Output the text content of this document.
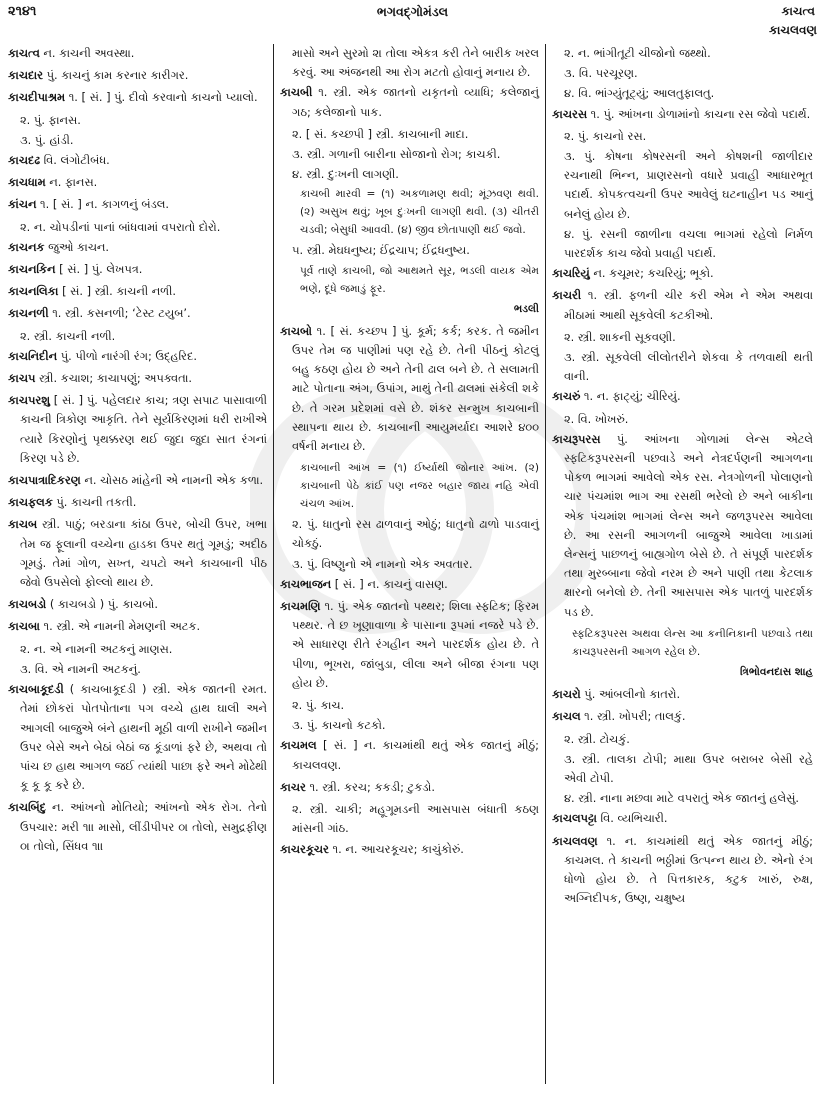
૨૧૪૧	ભગવદ્ગોમંડલ	કાચત્વ
કાચલવણ
કાચત્વ ન. કાચની અવસ્થા.
કાચદાર પું. કાચનું કામ કરનાર કારીગર.
કાચદીપાશ્રમ ૧. [ સં. ] પું. દીવો કરવાનો કાચનો પ્યાલો.
૨. પું. ફાનસ.
૩. પું. હાંડી.
કાચદઢ વિ. લંગોટીબંધ.
કાચધામ ન. ફાનસ.
કાંચન ૧. [ સં. ] ન. કાગળનું બંડલ.
૨. ન. ચોપડીનાં પાનાં બાંધવામાં વપરાતો દોરો.
કાચનક જુઓ કાચન.
કાચનકિન [ સં. ] પું. લેખપત્ર.
કાચનલિકા [ સં. ] સ્ત્રી. કાચની નળી.
કાચનળી ૧. સ્ત્રી. કસનળી; ‘ટેસ્ટ ટયુબ’.
૨. સ્ત્રી. કાચની નળી.
કાચનિદીન પું. પીળો નારંગી રંગ; ઉદ્હરિદ.
કાચપ સ્ત્રી. કચાશ; કાચાપણું; અપક્વતા.
કાચપરશુ [ સં. ] પું. પહેલદાર કાચ; ત્રણ સપાટ પાસાવાળી કાચની ત્રિકોણ આકૃતિ. તેને સૂર્યકિરણમાં ધરી રાખીએ ત્યારે કિરણોનું પૃથક્કરણ થઈ જુદા જુદા સાત રંગનાં કિરણ પડે છે.
કાચપાત્રાદિકરણ ન. ચોસઠ માંહેની એ નામની એક કળા.
કાચફલક પું. કાચની તકતી.
કાચબ સ્ત્રી. પાઠું; બરડાના કાંઠા ઉપર, બોચી ઉપર, ખભા તેમ જ ફૂલાની વચ્ચેના હાડકા ઉપર થતું ગૂમડું; અદીઠ ગૂમડું. તેમાં ગોળ, સખ્ત, ચપટો અને કાચબાની પીઠ જેવો ઉપસેલો ફોલ્લો થાય છે.
કાચબડો ( કાચબડો ) પું. કાચબો.
કાચબા ૧. સ્ત્રી. એ નામની મેમણની અટક.
૨. ન. એ નામની અટકનું માણસ.
૩. વિ. એ નામની અટકનું.
કાચબાકૂદડી ( કાચબાકૂદડી ) સ્ત્રી. એક જાતની રમત. તેમાં છોકરાં પોતપોતાના પગ વચ્ચે હાથ ઘાલી અને આગલી બાજુએ બંને હાથની મૂઠી વાળી રાખીને જમીન ઉપર બેસે અને બેઠાં બેઠાં જ કૂંડાળાં ફરે છે, અથવા તો પાંચ છ હાથ આગળ જઈ ત્યાંથી પાછા ફરે અને મોઢેથી કૂ કૂ કૂ કરે છે.
કાચબિંદુ ન. આંખનો મોતિયો; આંખનો એક રોગ. તેનો ઉપચાર: મરી ૧॥ માસો, લીંડીપીપર ૦। તોલો, સમુદ્રફીણ ૦। તોલો, સિંધવ ૧॥
માસો અને સુરમો ૨। તોલા એકત્ર કરી તેને બારીક ખરલ કરવું. આ અંજનથી આ રોગ મટતો હોવાનું મનાય છે.
કાચબી ૧. સ્ત્રી. એક જાતનો યકૃતનો વ્યાધિ; કલેજાનું ગઠ; કલેજાનો પાક.
૨. [ સં. કચ્છપી ] સ્ત્રી. કાચબાની માદા.
૩. સ્ત્રી. ગળાની બારીના સોજાનો રોગ; કાચકી.
૪. સ્ત્રી. દુઃખની લાગણી.
કાચબી મારવી = (૧) અકળામણ થવી; મૂંઝવણ થવી. (૨) અસુખ થવું; ખૂબ દુઃખની લાગણી થવી. (૩) ચીતરી ચડવી; બેસુધી આવવી. (૪) જીવ છોતાપાણી થઈ જવો.
૫. સ્ત્રી. મેઘધનુષ્ય; ઈંદ્રચાપ; ઈંદ્રધનુષ્ય.
પૂર્વ તાણે કાચબી, જો આથમતે સૂર, ભડલી વાયક એમ ભણે, દૂધે જમાડું ફૂર.
ભડલી
કાચબો ૧. [ સં. કચ્છપ ] પું. કૂર્મ; કર્ક; કરક. તે જમીન ઉપર તેમ જ પાણીમાં પણ રહે છે. તેની પીઠનું કોટલું બહુ કઠણ હોય છે અને તેની ઢાલ બને છે. તે સલામતી માટે પોતાના અંગ, ઉપાંગ, માથું તેની ઢાલમાં સંકેલી શકે છે. તે ગરમ પ્રદેશમાં વસે છે. શંકર સન્મુખ કાચબાની સ્થાપના થાય છે. કાચબાની આયુમર્યાદા આશરે ૪૦૦ વર્ષની મનાય છે.
કાચબાની આંખ = (૧) ઈર્ષ્યાથી જોનાર આંખ. (૨) કાચબાની પેઠે કાંઈ પણ નજર બહાર જાય નહિ એવી ચંચળ આંખ.
૨. પું. ધાતુનો રસ ઢાળવાનું ઓઠું; ધાતુનો ઢાળો પાડવાનું ચોકઠું.
૩. પું. વિષ્ણુનો એ નામનો એક અવતાર.
કાચભાજન [ સં. ] ન. કાચનું વાસણ.
કાચમણિ ૧. પું. એક જાતનો પથ્થર; શિલા સ્ફટિક; ફિરમ પથ્થર. તે છ ખૂણાવાળા કે પાસાના રૂપમાં નજરે પડે છે. એ સાધારણ રીતે રંગહીન અને પારદર્શક હોય છે. તે પીળા, ભૂખરા, જાંબુડા, લીલા અને બીજા રંગના પણ હોય છે.
૨. પું. કાચ.
૩. પું. કાચનો કટકો.
કાચમલ [ સં. ] ન. કાચમાંથી થતું એક જાતનું મીઠું; કાચલવણ.
કાચર ૧. સ્ત્રી. કરચ; કકડી; ટુકડો.
૨. સ્ત્રી. ચાકી; મહૂગૂમડની આસપાસ બંધાતી કઠણ માંસની ગાંઠ.
કાચરકૂચર ૧. ન. આચરકૂચર; કાચુંકોરું.
૨. ન. ભાંગીતૂટી ચીજોનો જથ્થો.
૩. વિ. પરચૂરણ.
૪. વિ. ભાંગ્યુંતૂટ્યું; આલતુફાલતુ.
કાચરસ ૧. પું. આંખના ડોળામાંનો કાચના રસ જેવો પદાર્થ.
૨. પું. કાચનો રસ.
૩. પું. કોષના કોષરસની અને કોષશની જાળીદાર રચનાથી ભિન્ન, પ્રાણરસનો વધારે પ્રવાહી આધારભૂત પદાર્થ. કોપકત્વચની ઉપર આવેલું ઘટનાહીન પડ આનું બનેલું હોય છે.
૪. પું. રસની જાળીના વચલા ભાગમાં રહેલો નિર્મળ પારદર્શક કાચ જેવો પ્રવાહી પદાર્થ.
કાચરિયું ન. કચૂમર; કચરિયું; ભૂકો.
કાચરી ૧. સ્ત્રી. ફળની ચીર કરી એમ ને એમ અથવા મીઠામાં આથી સૂકવેલી કટકીઓ.
૨. સ્ત્રી. શાકની સૂકવણી.
૩. સ્ત્રી. સૂકવેલી લીલોતરીને શેકવા કે તળવાથી થતી વાની.
કાચરું ૧. ન. ફાટ્યું; ચીરિયું.
૨. વિ. ખોખરું.
કાચરૂપરસ પું. આંખના ગોળામાં લેન્સ એટલે સ્ફટિકરૂપરસની પછવાડે અને નેત્રદર્પણની આગળના પોકળ ભાગમાં આવેલો એક રસ. નેત્રગોળની પોલાણનો ચાર પંચમાંશ ભાગ આ રસથી ભરેલો છે અને બાકીના એક પંચમાંશ ભાગમાં લેન્સ અને જળરૂપરસ આવેલા છે. આ રસની આગળની બાજુએ આવેલા ખાડામાં લેન્સનું પાછળનું બાહ્યગોળ બેસે છે. તે સંપૂર્ણ પારદર્શક તથા મુરબ્બાના જેવો નરમ છે અને પાણી તથા કેટલાક ક્ષારનો બનેલો છે. તેની આસપાસ એક પાતળું પારદર્શક પડ છે.
સ્ફટિકરૂપરસ અથવા લેન્સ આ કનીનિકાની પછવાડે તથા કાચરૂપરસની આગળ રહેલ છે.
ત્રિભોવનદાસ શાહ
કાચરો પું. આંબલીનો કાતરો.
કાચલ ૧. સ્ત્રી. ખોપરી; તાલકું.
૨. સ્ત્રી. ટોચકું.
૩. સ્ત્રી. તાલકા ટોપી; માથા ઉપર બરાબર બેસી રહે એવી ટોપી.
૪. સ્ત્રી. નાના મછવા માટે વપરાતું એક જાતનું હલેસું.
કાચલપટ્ટા વિ. વ્યભિચારી.
કાચલવણ ૧. ન. કાચમાંથી થતું એક જાતનું મીઠું; કાચમલ. તે કાચની ભઠ્ઠીમાં ઉત્પન્ન થાય છે. એનો રંગ ધોળો હોય છે. તે પિત્તકારક, કટુક ખારું, રુક્ષ, અગ્નિદીપક, ઉષ્ણ, ચક્ષુષ્ય
